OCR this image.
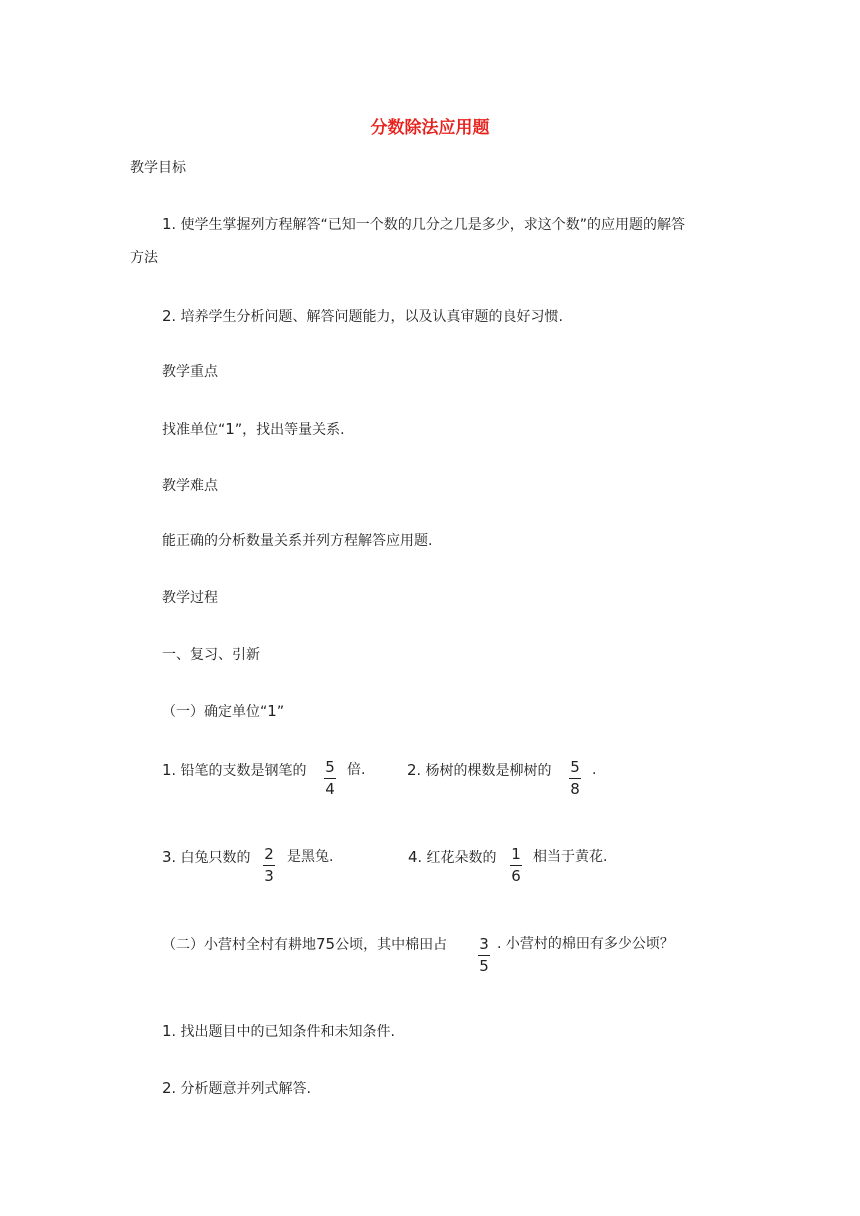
分数除法应用题
教学目标
1. 使学生掌握列方程解答“已知一个数的几分之几是多少，求这个数”的应用题的解答
方法
2. 培养学生分析问题、解答问题能力，以及认真审题的良好习惯.
教学重点
找准单位“1”，找出等量关系.
教学难点
能正确的分析数量关系并列方程解答应用题.
教学过程
一、复习、引新
（一）确定单位“1”
1. 铅笔的支数是钢笔的 5
4
倍.	2. 杨树的棵数是柳树的 5
8
.
3. 白兔只数的 2
3
是黑兔.	4. 红花朵数的 1
6
相当于黄花.
（二）小营村全村有耕地75公顷，其中棉田占 3
5
. 小营村的棉田有多少公顷？
1. 找出题目中的已知条件和未知条件.
2. 分析题意并列式解答.
